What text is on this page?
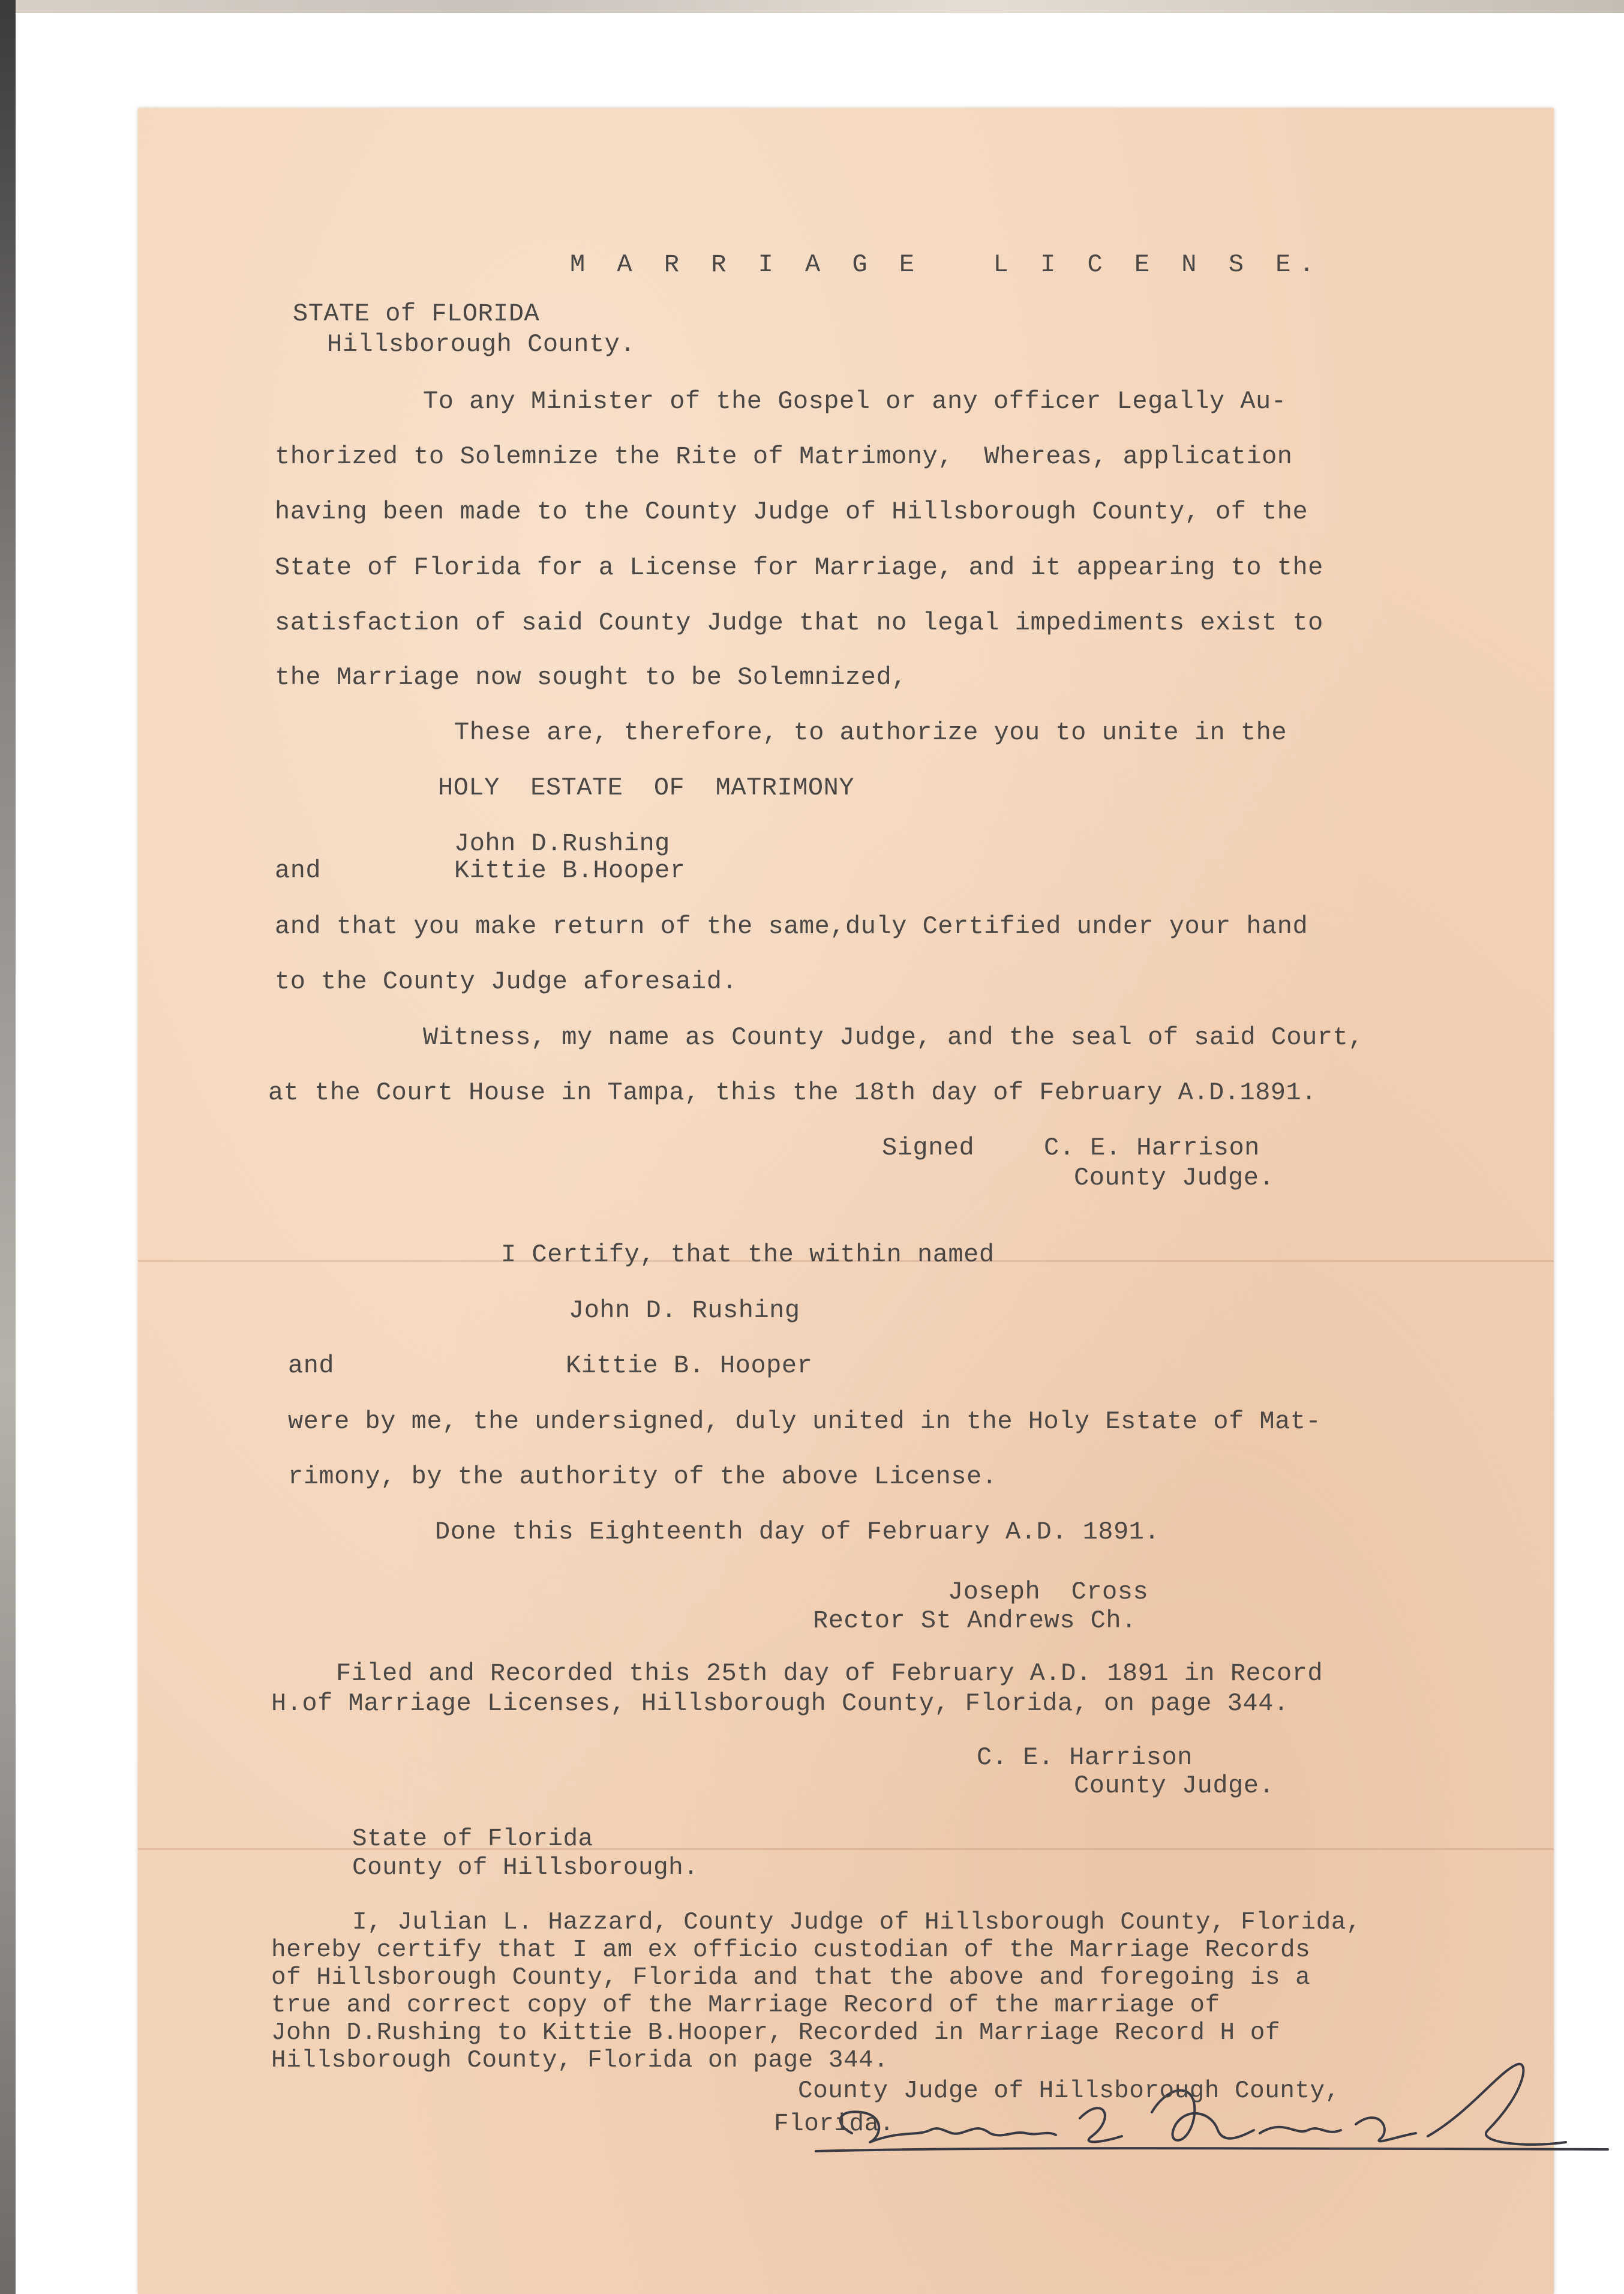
M A R R I A G E   L I C E N S E.
STATE of FLORIDA
Hillsborough County.
To any Minister of the Gospel or any officer Legally Au-
thorized to Solemnize the Rite of Matrimony,  Whereas, application
having been made to the County Judge of Hillsborough County, of the
State of Florida for a License for Marriage, and it appearing to the
satisfaction of said County Judge that no legal impediments exist to
the Marriage now sought to be Solemnized,
These are, therefore, to authorize you to unite in the
HOLY  ESTATE  OF  MATRIMONY
John D.Rushing
and	Kittie B.Hooper
and that you make return of the same,duly Certified under your hand
to the County Judge aforesaid.
Witness, my name as County Judge, and the seal of said Court,
at the Court House in Tampa, this the 18th day of February A.D.1891.
Signed	C. E. Harrison
County Judge.
I Certify, that the within named
John D. Rushing
and	Kittie B. Hooper
were by me, the undersigned, duly united in the Holy Estate of Mat-
rimony, by the authority of the above License.
Done this Eighteenth day of February A.D. 1891.
Joseph  Cross
Rector St Andrews Ch.
Filed and Recorded this 25th day of February A.D. 1891 in Record
H.of Marriage Licenses, Hillsborough County, Florida, on page 344.
C. E. Harrison
County Judge.
State of Florida
County of Hillsborough.
I, Julian L. Hazzard, County Judge of Hillsborough County, Florida,
hereby certify that I am ex officio custodian of the Marriage Records
of Hillsborough County, Florida and that the above and foregoing is a
true and correct copy of the Marriage Record of the marriage of
John D.Rushing to Kittie B.Hooper, Recorded in Marriage Record H of
Hillsborough County, Florida on page 344.
County Judge of Hillsborough County,
Florida.
